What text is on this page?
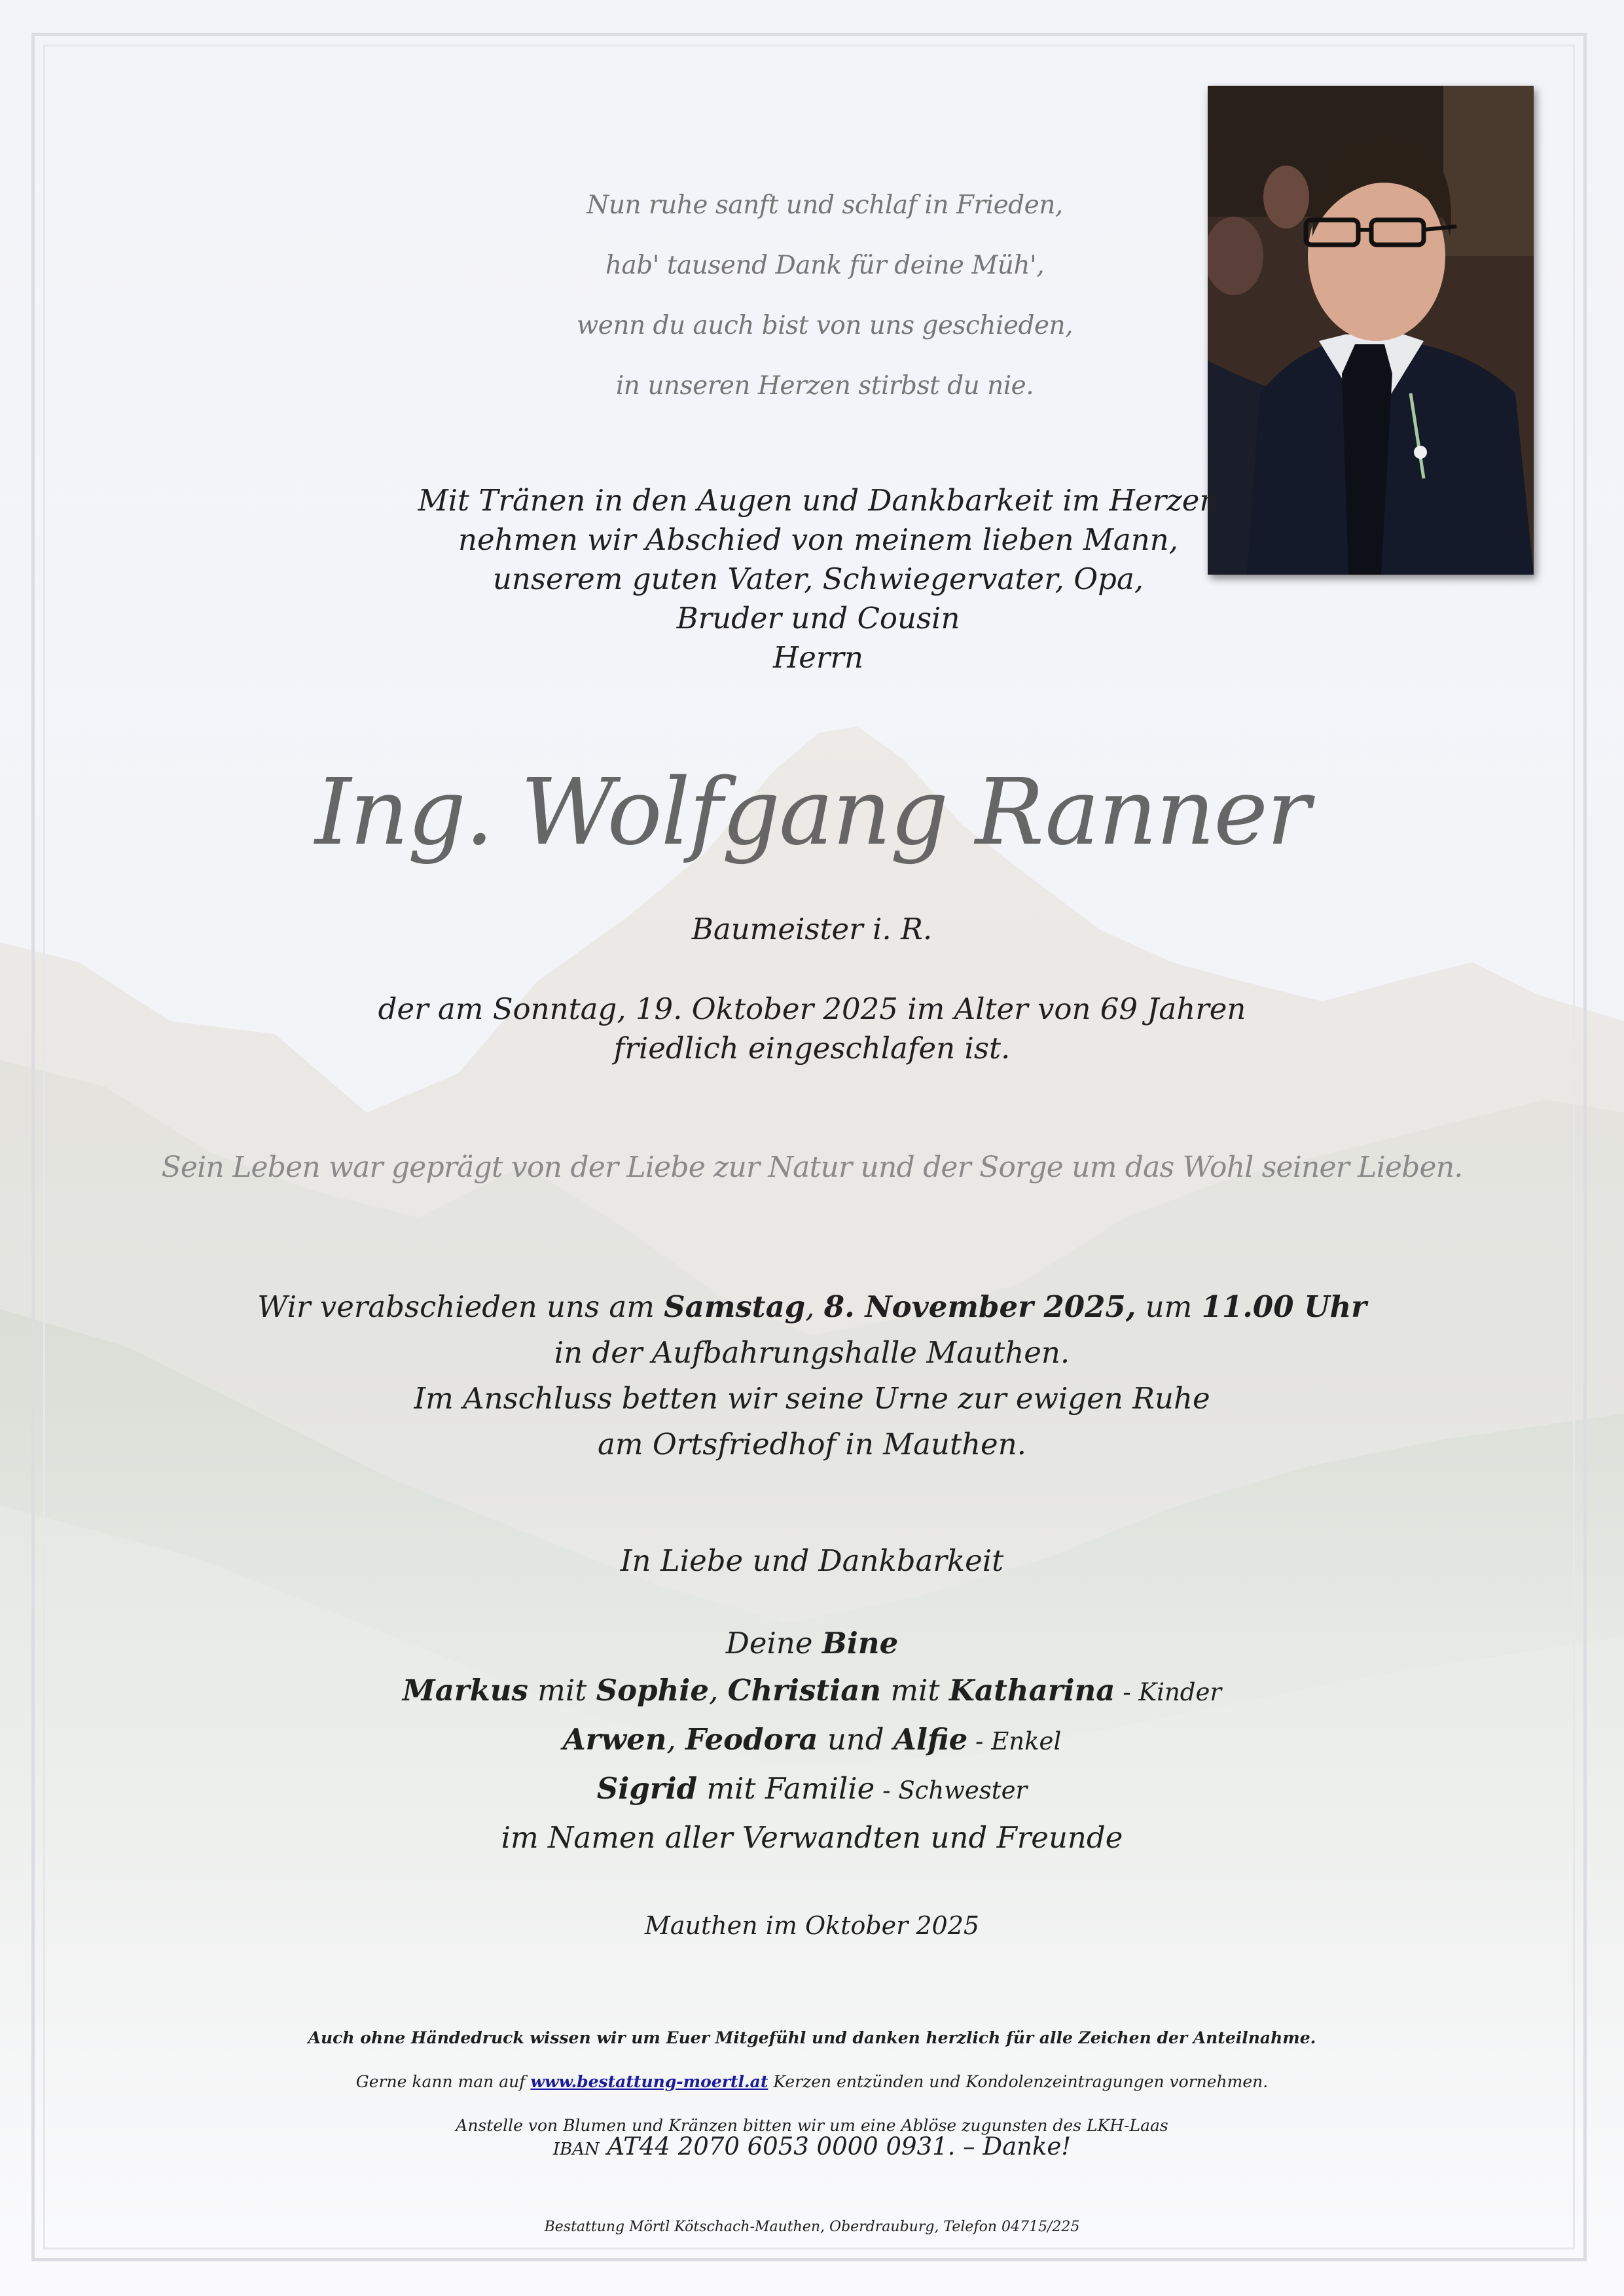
Nun ruhe sanft und schlaf in Frieden,
hab' tausend Dank für deine Müh',
wenn du auch bist von uns geschieden,
in unseren Herzen stirbst du nie.
Mit Tränen in den Augen und Dankbarkeit im Herzen
nehmen wir Abschied von meinem lieben Mann,
unserem guten Vater, Schwiegervater, Opa,
Bruder und Cousin
Herrn
Ing. Wolfgang Ranner
Baumeister i. R.
der am Sonntag, 19. Oktober 2025 im Alter von 69 Jahren
friedlich eingeschlafen ist.
Sein Leben war geprägt von der Liebe zur Natur und der Sorge um das Wohl seiner Lieben.
Wir verabschieden uns am Samstag, 8. November 2025, um 11.00 Uhr
in der Aufbahrungshalle Mauthen.
Im Anschluss betten wir seine Urne zur ewigen Ruhe
am Ortsfriedhof in Mauthen.
In Liebe und Dankbarkeit
Deine Bine
Markus mit Sophie, Christian mit Katharina - Kinder
Arwen, Feodora und Alfie - Enkel
Sigrid mit Familie - Schwester
im Namen aller Verwandten und Freunde
Mauthen im Oktober 2025
Auch ohne Händedruck wissen wir um Euer Mitgefühl und danken herzlich für alle Zeichen der Anteilnahme.
Gerne kann man auf www.bestattung-moertl.at Kerzen entzünden und Kondolenzeintragungen vornehmen.
Anstelle von Blumen und Kränzen bitten wir um eine Ablöse zugunsten des LKH-Laas
IBAN AT44 2070 6053 0000 0931. – Danke!
Bestattung Mörtl Kötschach-Mauthen, Oberdrauburg, Telefon 04715/225
